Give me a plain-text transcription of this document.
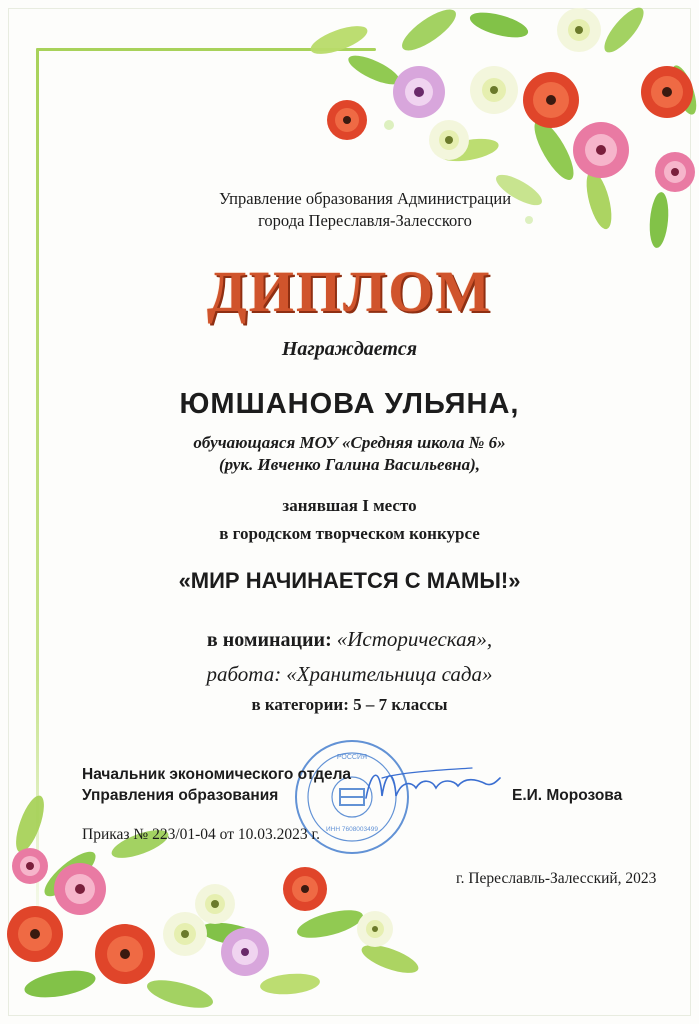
Управление образования Администрации
города Переславля-Залесского
ДИПЛОМ
Награждается
ЮМШАНОВА УЛЬЯНА,
обучающаяся МОУ «Средняя школа № 6»
(рук. Ивченко Галина Васильевна),
занявшая I место
в городском творческом конкурсе
«МИР НАЧИНАЕТСЯ С МАМЫ!»
в номинации: «Историческая»,
работа: «Хранительница сада»
в категории: 5 – 7 классы
РОССИЯ
ИНН 7608003499
Начальник экономического отдела
Управления образования	Е.И. Морозова
Приказ № 223/01-04 от 10.03.2023 г.
г. Переславль-Залесский, 2023
